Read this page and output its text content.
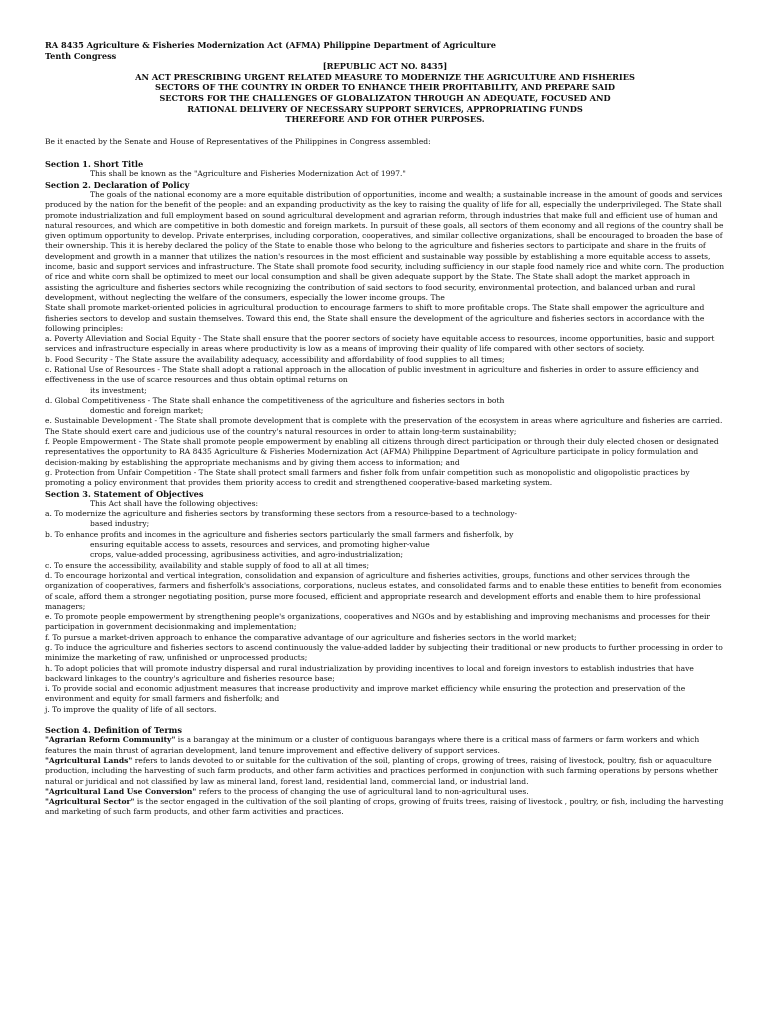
RA 8435 Agriculture & Fisheries Modernization Act (AFMA) Philippine Department of Agriculture
Tenth Congress
[REPUBLIC ACT NO. 8435]
AN ACT PRESCRIBING URGENT RELATED MEASURE TO MODERNIZE THE AGRICULTURE AND FISHERIES
SECTORS OF THE COUNTRY IN ORDER TO ENHANCE THEIR PROFITABILITY, AND PREPARE SAID
SECTORS FOR THE CHALLENGES OF GLOBALIZATON THROUGH AN ADEQUATE, FOCUSED AND
RATIONAL DELIVERY OF NECESSARY SUPPORT SERVICES, APPROPRIATING FUNDS
THEREFORE AND FOR OTHER PURPOSES.
Be it enacted by the Senate and House of Representatives of the Philippines in Congress assembled:
Section 1. Short Title
This shall be known as the "Agriculture and Fisheries Modernization Act of 1997."
Section 2. Declaration of Policy

The goals of the national economy are a more equitable distribution of opportunities, income and wealth; a sustainable increase in the amount of goods and services produced by the nation for the benefit of the people: and an expanding productivity as the key to raising the quality of life for all, especially the underprivileged. The State shall promote industrialization and full employment based on sound agricultural development and agrarian reform, through industries that make full and efficient use of human and natural resources, and which are competitive in both domestic and foreign markets. In pursuit of these goals, all sectors of them economy and all regions of the country shall be given optimum opportunity to develop. Private enterprises, including corporation, cooperatives, and similar collective organizations, shall be encouraged to broaden the base of their ownership. This it is hereby declared the policy of the State to enable those who belong to the agriculture and fisheries sectors to participate and share in the fruits of development and growth in a manner that utilizes the nation's resources in the most efficient and sustainable way possible by establishing a more equitable access to assets, income, basic and support services and infrastructure. The State shall promote food security, including sufficiency in our staple food namely rice and white corn. The production of rice and white corn shall be optimized to meet our local consumption and shall be given adequate support by the State. The State shall adopt the market approach in assisting the agriculture and fisheries sectors while recognizing the contribution of said sectors to food security, environmental protection, and balanced urban and rural development, without neglecting the welfare of the consumers, especially the lower income groups. The

State shall promote market-oriented policies in agricultural production to encourage farmers to shift to more profitable crops. The State shall empower the agriculture and fisheries sectors to develop and sustain themselves. Toward this end, the State shall ensure the development of the agriculture and fisheries sectors in accordance with the following principles:

a. Poverty Alleviation and Social Equity - The State shall ensure that the poorer sectors of society have equitable access to resources, income opportunities, basic and support services and infrastructure especially in areas where productivity is low as a means of improving their quality of life compared with other sectors of society.

b. Food Security - The State assure the availability adequacy, accessibility and affordability of food supplies to all times;

c. Rational Use of Resources - The State shall adopt a rational approach in the allocation of public investment in agriculture and fisheries in order to assure efficiency and effectiveness in the use of scarce resources and thus obtain optimal returns on

its investment;

d. Global Competitiveness - The State shall enhance the competitiveness of the agriculture and fisheries sectors in both

domestic and foreign market;

e. Sustainable Development - The State shall promote development that is complete with the preservation of the ecosystem in areas where agriculture and fisheries are carried. The State should exert care and judicious use of the country's natural resources in order to attain long-term sustainability;

f. People Empowerment - The State shall promote people empowerment by enabling all citizens through direct participation or through their duly elected chosen or designated representatives the opportunity to RA 8435 Agriculture & Fisheries Modernization Act (AFMA) Philippine Department of Agriculture participate in policy formulation and decision-making by establishing the appropriate mechanisms and by giving them access to information; and

g. Protection from Unfair Competition - The State shall protect small farmers and fisher folk from unfair competition such as monopolistic and oligopolistic practices by promoting a policy environment that provides them priority access to credit and strengthened cooperative-based marketing system.

Section 3. Statement of Objectives
This Act shall have the following objectives:

a. To modernize the agriculture and fisheries sectors by transforming these sectors from a resource-based to a technology-

based industry;

b. To enhance profits and incomes in the agriculture and fisheries sectors particularly the small farmers and fisherfolk, by

ensuring equitable access to assets, resources and services, and promoting higher-value

crops, value-added processing, agribusiness activities, and agro-industrialization;

c. To ensure the accessibility, availability and stable supply of food to all at all times;

d. To encourage horizontal and vertical integration, consolidation and expansion of agriculture and fisheries activities, groups, functions and other services through the organization of cooperatives, farmers and fisherfolk's associations, corporations, nucleus estates, and consolidated farms and to enable these entities to benefit from economies of scale, afford them a stronger negotiating position, purse more focused, efficient and appropriate research and development efforts and enable them to hire professional managers;

e. To promote people empowerment by strengthening people's organizations, cooperatives and NGOs and by establishing and improving mechanisms and processes for their participation in government decisionmaking and implementation;

f. To pursue a market-driven approach to enhance the comparative advantage of our agriculture and fisheries sectors in the world market;

g. To induce the agriculture and fisheries sectors to ascend continuously the value-added ladder by subjecting their traditional or new products to further processing in order to minimize the marketing of raw, unfinished or unprocessed products;

h. To adopt policies that will promote industry dispersal and rural industrialization by providing incentives to local and foreign investors to establish industries that have backward linkages to the country's agriculture and fisheries resource base;

i. To provide social and economic adjustment measures that increase productivity and improve market efficiency while ensuring the protection and preservation of the environment and equity for small farmers and fisherfolk; and

j. To improve the quality of life of all sectors.

Section 4. Definition of Terms

"Agrarian Reform Community" is a barangay at the minimum or a cluster of contiguous barangays where there is a critical mass of farmers or farm workers and which features the main thrust of agrarian development, land tenure improvement and effective delivery of support services.

"Agricultural Lands" refers to lands devoted to or suitable for the cultivation of the soil, planting of crops, growing of trees, raising of livestock, poultry, fish or aquaculture production, including the harvesting of such farm products, and other farm activities and practices performed in conjunction with such farming operations by persons whether natural or juridical and not classified by law as mineral land, forest land, residential land, commercial land, or industrial land.

"Agricultural Land Use Conversion" refers to the process of changing the use of agricultural land to non-agricultural uses.

"Agricultural Sector" is the sector engaged in the cultivation of the soil planting of crops, growing of fruits trees, raising of livestock , poultry, or fish, including the harvesting and marketing of such farm products, and other farm activities and practices.
